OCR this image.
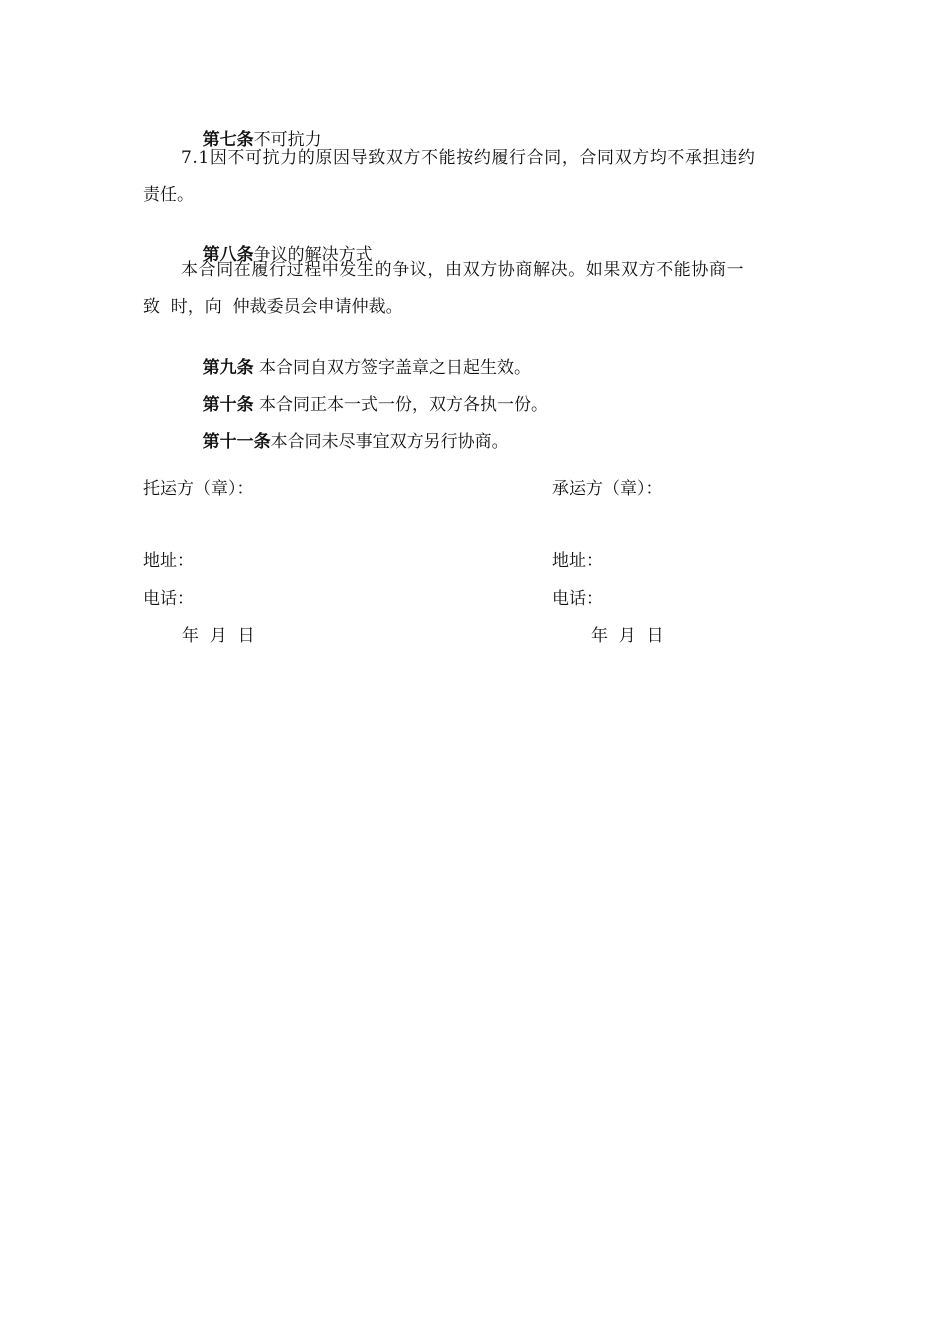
第七条不可抗力

7.1因不可抗力的原因导致双方不能按约履行合同，合同双方均不承担违约
责任。

第八条争议的解决方式

本合同在履行过程中发生的争议，由双方协商解决。如果双方不能协商一
致  时，向  仲裁委员会申请仲裁。

第九条 本合同自双方签字盖章之日起生效。

第十条 本合同正本一式一份，双方各执一份。

第十一条本合同未尽事宜双方另行协商。

托运方（章）：
地址：
电话：
年  月  日
承运方（章）：
地址：
电话：
年  月  日
